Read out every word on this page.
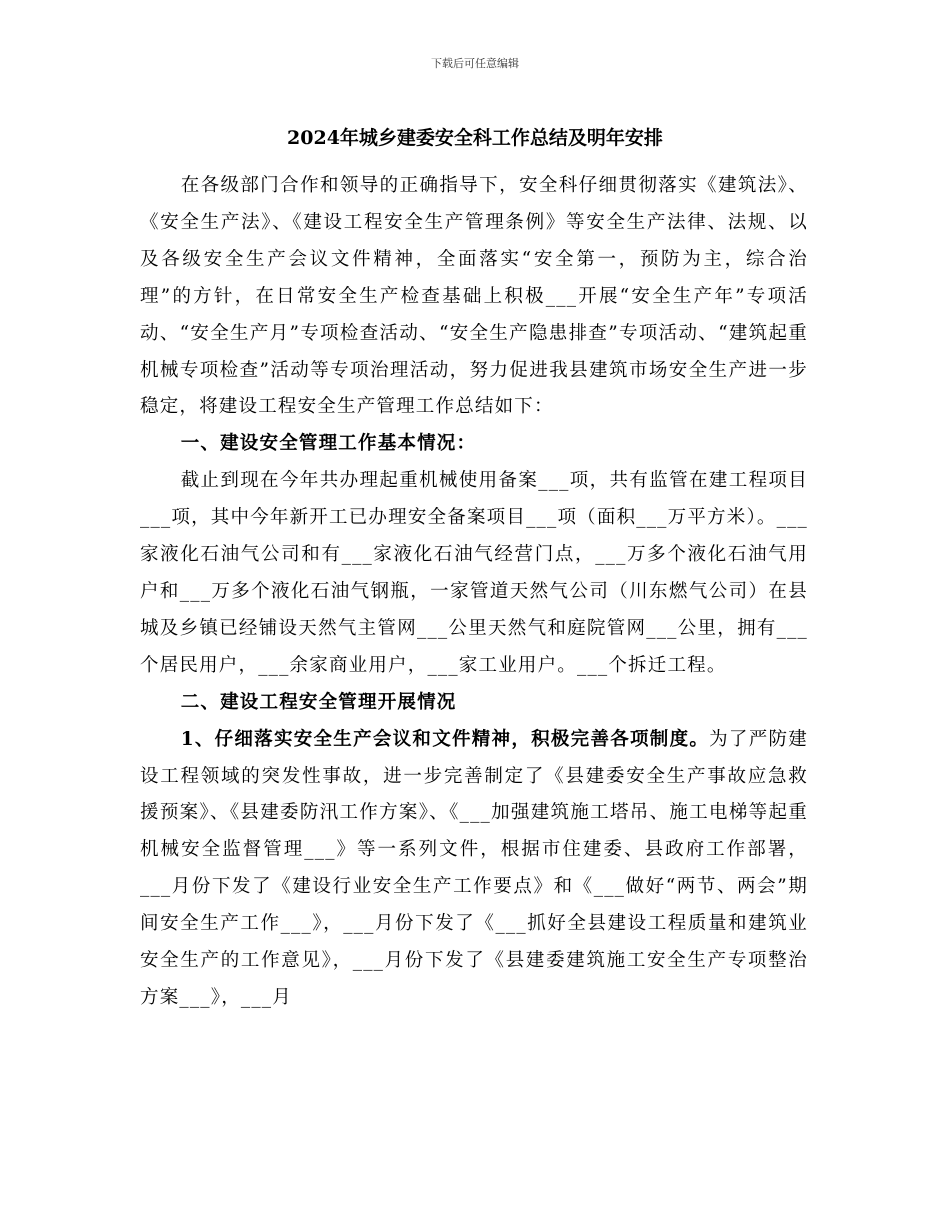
下载后可任意编辑
2024年城乡建委安全科工作总结及明年安排

在各级部门合作和领导的正确指导下，安全科仔细贯彻落实《建筑法》、《安全生产法》、《建设工程安全生产管理条例》等安全生产法律、法规、以及各级安全生产会议文件精神，全面落实“安全第一，预防为主，综合治理”的方针，在日常安全生产检查基础上积极___开展“安全生产年”专项活动、“安全生产月”专项检查活动、“安全生产隐患排查”专项活动、“建筑起重机械专项检查”活动等专项治理活动，努力促进我县建筑市场安全生产进一步稳定，将建设工程安全生产管理工作总结如下：

一、建设安全管理工作基本情况：

截止到现在今年共办理起重机械使用备案___项，共有监管在建工程项目___项，其中今年新开工已办理安全备案项目___项（面积___万平方米）。___家液化石油气公司和有___家液化石油气经营门点，___万多个液化石油气用户和___万多个液化石油气钢瓶，一家管道天然气公司（川东燃气公司）在县城及乡镇已经铺设天然气主管网___公里天然气和庭院管网___公里，拥有___个居民用户，___余家商业用户，___家工业用户。___个拆迁工程。

二、建设工程安全管理开展情况

1、仔细落实安全生产会议和文件精神，积极完善各项制度。为了严防建设工程领域的突发性事故，进一步完善制定了《县建委安全生产事故应急救援预案》、《县建委防汛工作方案》、《___加强建筑施工塔吊、施工电梯等起重机械安全监督管理___》等一系列文件，根据市住建委、县政府工作部署，___月份下发了《建设行业安全生产工作要点》和《___做好“两节、两会”期间安全生产工作___》，___月份下发了《___抓好全县建设工程质量和建筑业安全生产的工作意见》，___月份下发了《县建委建筑施工安全生产专项整治方案___》，___月
